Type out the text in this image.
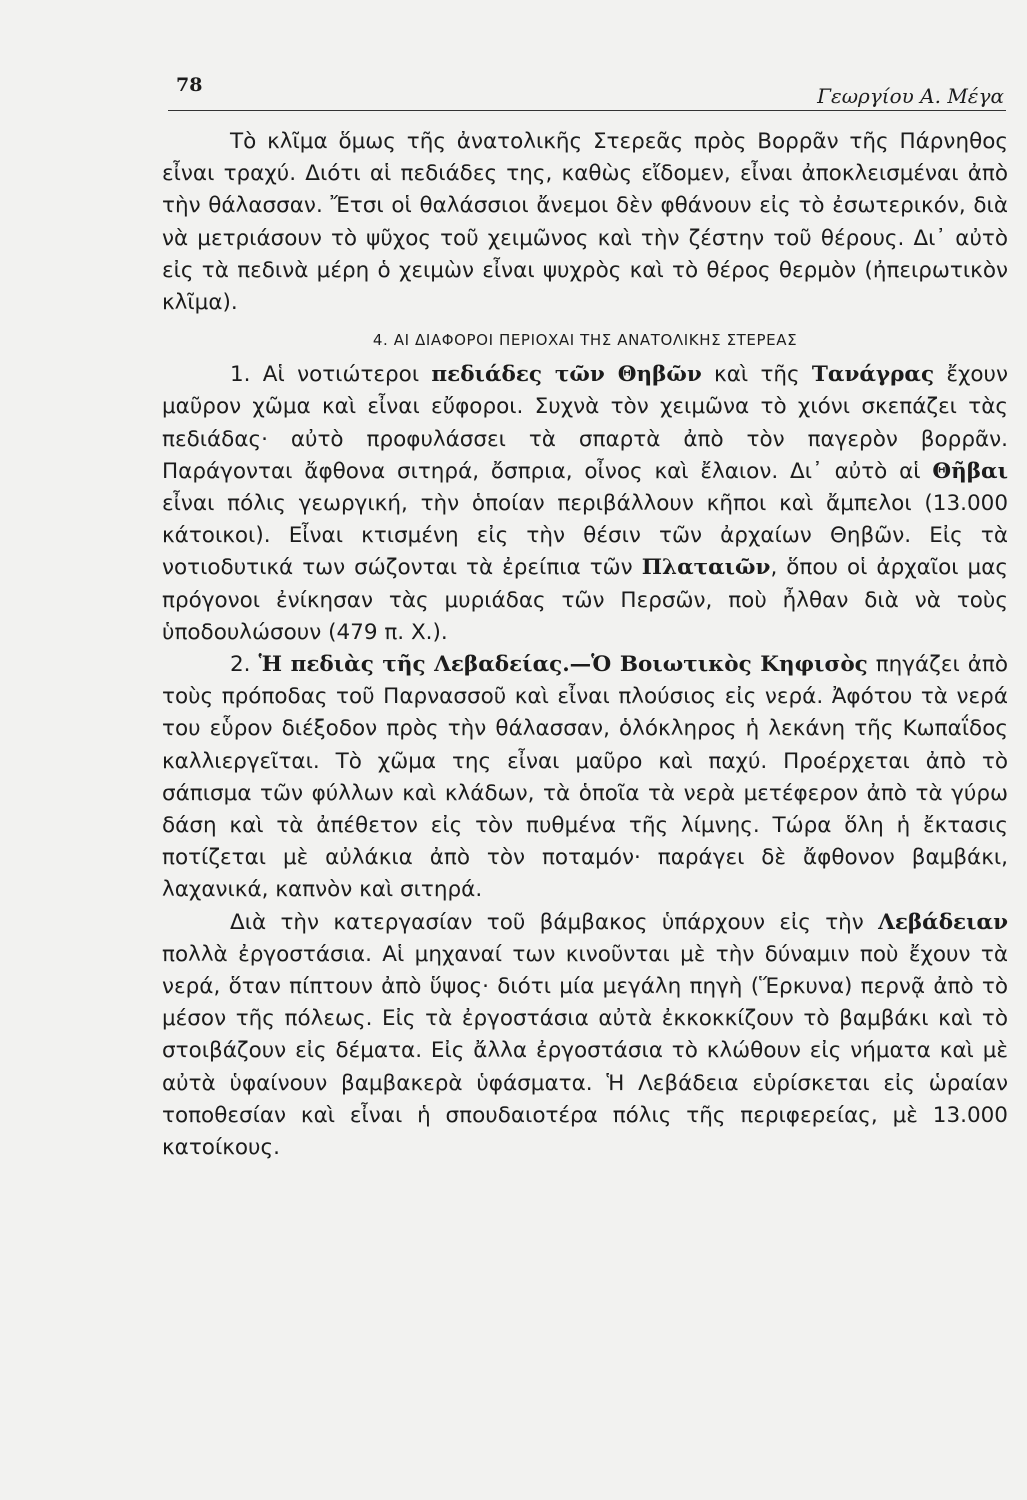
78	Γεωργίου Α. Μέγα

Τὸ κλῖμα ὅμως τῆς ἀνατολικῆς Στερεᾶς πρὸς Βορρᾶν τῆς Πάρνηθος εἶναι τραχύ. Διότι αἱ πεδιάδες της, καθὼς εἴδομεν, εἶναι ἀποκλεισμέναι ἀπὸ τὴν θάλασσαν. Ἔτσι οἱ θαλάσσιοι ἄνεμοι δὲν φθάνουν εἰς τὸ ἐσωτερικόν, διὰ νὰ μετριάσουν τὸ ψῦχος τοῦ χειμῶνος καὶ τὴν ζέστην τοῦ θέρους. Δι᾽ αὐτὸ εἰς τὰ πεδινὰ μέρη ὁ χειμὼν εἶναι ψυχρὸς καὶ τὸ θέρος θερμὸν (ἠπειρωτικὸν κλῖμα).

4. ΑΙ ΔΙΑΦΟΡΟΙ ΠΕΡΙΟΧΑΙ ΤΗΣ ΑΝΑΤΟΛΙΚΗΣ ΣΤΕΡΕΑΣ

1. Αἱ νοτιώτεροι πεδιάδες τῶν Θηβῶν καὶ τῆς Τανάγρας ἔχουν μαῦρον χῶμα καὶ εἶναι εὔφοροι. Συχνὰ τὸν χειμῶνα τὸ χιόνι σκεπάζει τὰς πεδιάδας· αὐτὸ προφυλάσσει τὰ σπαρτὰ ἀπὸ τὸν παγερὸν βορρᾶν. Παράγονται ἄφθονα σιτηρά, ὄσπρια, οἶνος καὶ ἔλαιον. Δι᾽ αὐτὸ αἱ Θῆβαι εἶναι πόλις γεωργική, τὴν ὁποίαν περιβάλλουν κῆποι καὶ ἄμπελοι (13.000 κάτοικοι). Εἶναι κτισμένη εἰς τὴν θέσιν τῶν ἀρχαίων Θηβῶν. Εἰς τὰ νοτιοδυτικά των σώζονται τὰ ἐρείπια τῶν Πλαταιῶν, ὅπου οἱ ἀρχαῖοι μας πρόγονοι ἐνίκησαν τὰς μυριάδας τῶν Περσῶν, ποὺ ἦλθαν διὰ νὰ τοὺς ὑποδουλώσουν (479 π. Χ.).

2. Ἡ πεδιὰς τῆς Λεβαδείας.—Ὁ Βοιωτικὸς Κηφισὸς πηγάζει ἀπὸ τοὺς πρόποδας τοῦ Παρνασσοῦ καὶ εἶναι πλούσιος εἰς νερά. Ἀφότου τὰ νερά του εὗρον διέξοδον πρὸς τὴν θάλασσαν, ὁλόκληρος ἡ λεκάνη τῆς Κωπαΐδος καλλιεργεῖται. Τὸ χῶμα της εἶναι μαῦρο καὶ παχύ. Προέρχεται ἀπὸ τὸ σάπισμα τῶν φύλλων καὶ κλάδων, τὰ ὁποῖα τὰ νερὰ μετέφερον ἀπὸ τὰ γύρω δάση καὶ τὰ ἀπέθετον εἰς τὸν πυθμένα τῆς λίμνης. Τώρα ὅλη ἡ ἔκτασις ποτίζεται μὲ αὐλάκια ἀπὸ τὸν ποταμόν· παράγει δὲ ἄφθονον βαμβάκι, λαχανικά, καπνὸν καὶ σιτηρά.

Διὰ τὴν κατεργασίαν τοῦ βάμβακος ὑπάρχουν εἰς τὴν Λεβάδειαν πολλὰ ἐργοστάσια. Αἱ μηχαναί των κινοῦνται μὲ τὴν δύναμιν ποὺ ἔχουν τὰ νερά, ὅταν πίπτουν ἀπὸ ὕψος· διότι μία μεγάλη πηγὴ (Ἕρκυνα) περνᾷ ἀπὸ τὸ μέσον τῆς πόλεως. Εἰς τὰ ἐργοστάσια αὐτὰ ἐκκοκκίζουν τὸ βαμβάκι καὶ τὸ στοιβάζουν εἰς δέματα. Εἰς ἄλλα ἐργοστάσια τὸ κλώθουν εἰς νήματα καὶ μὲ αὐτὰ ὑφαίνουν βαμβακερὰ ὑφάσματα. Ἡ Λεβάδεια εὑρίσκεται εἰς ὡραίαν τοποθεσίαν καὶ εἶναι ἡ σπουδαιοτέρα πόλις τῆς περιφερείας, μὲ 13.000 κατοίκους.
